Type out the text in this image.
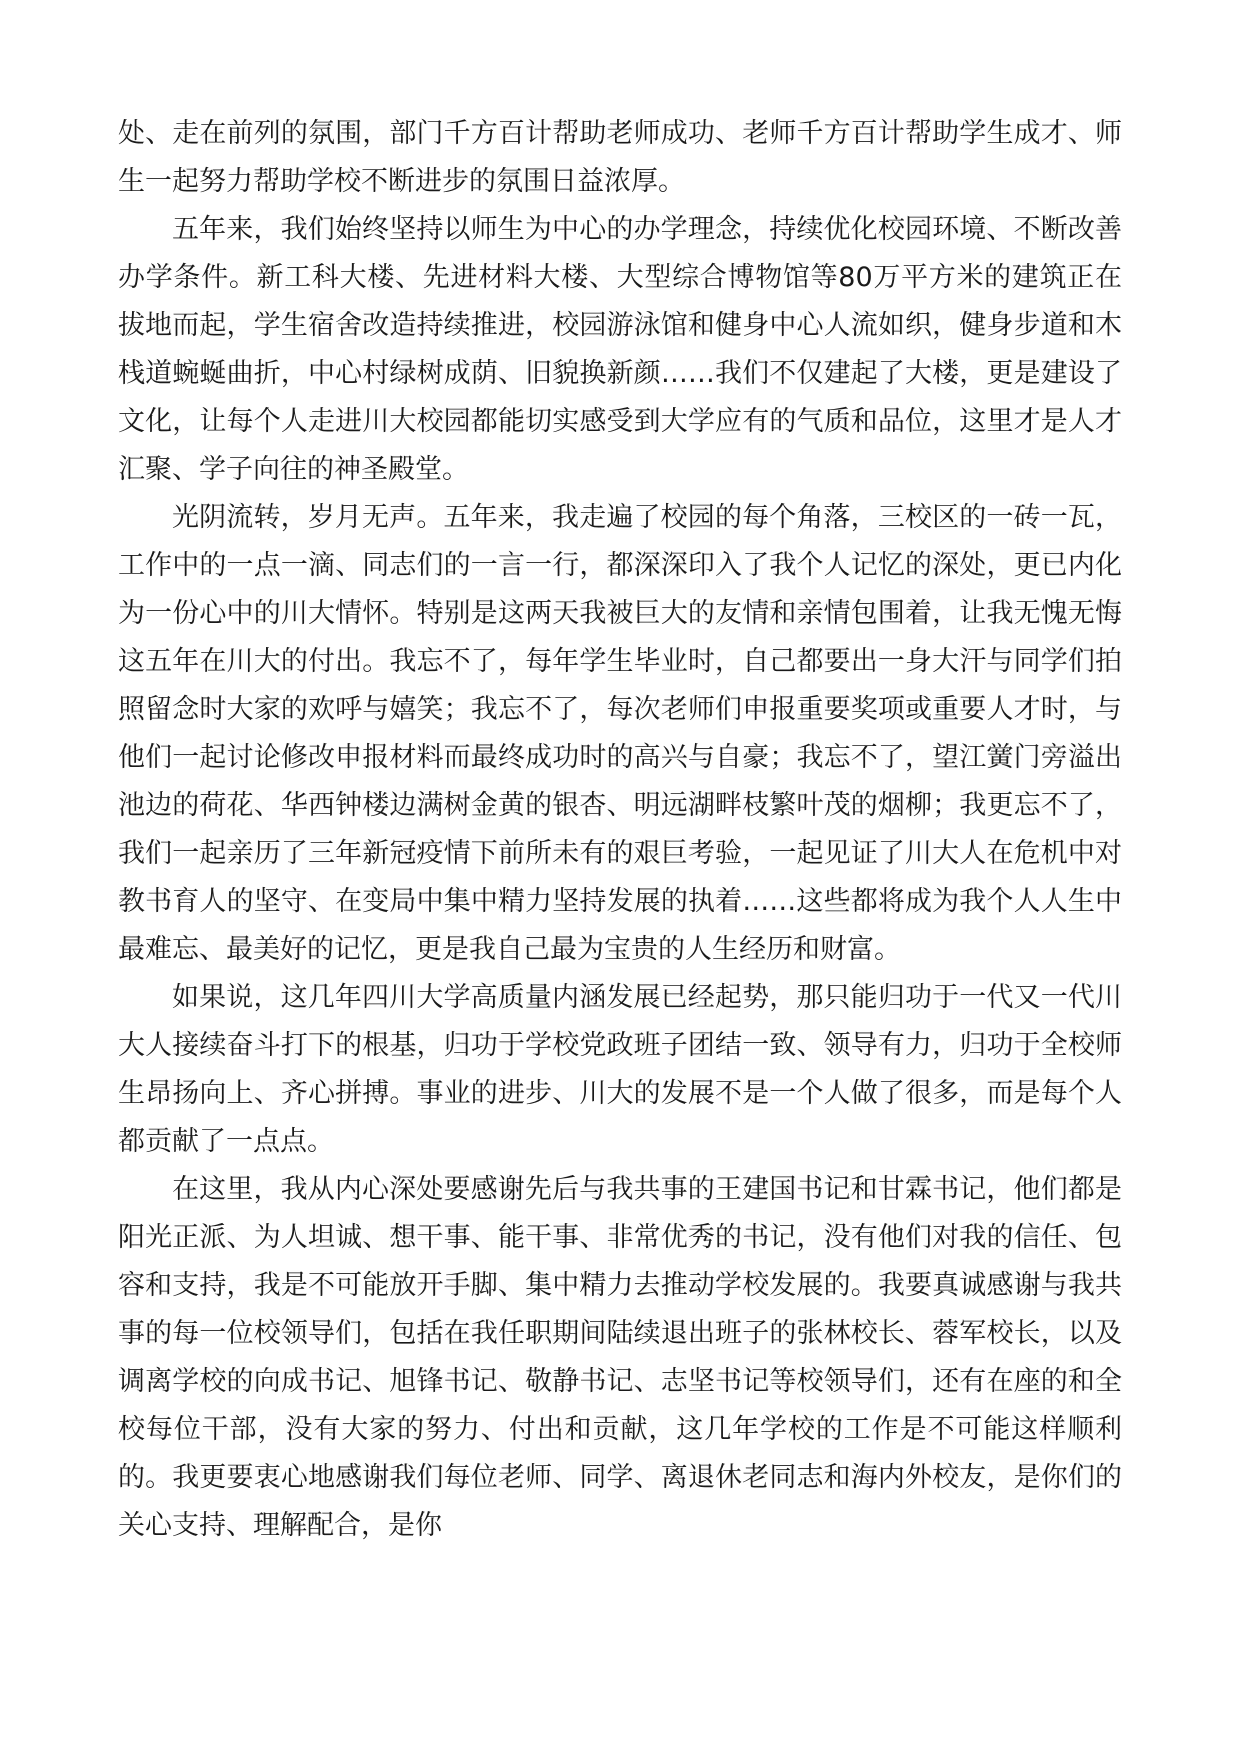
处、走在前列的氛围，部门千方百计帮助老师成功、老师千方百计帮助学生成才、师生一起努力帮助学校不断进步的氛围日益浓厚。

五年来，我们始终坚持以师生为中心的办学理念，持续优化校园环境、不断改善办学条件。新工科大楼、先进材料大楼、大型综合博物馆等80万平方米的建筑正在拔地而起，学生宿舍改造持续推进，校园游泳馆和健身中心人流如织，健身步道和木栈道蜿蜒曲折，中心村绿树成荫、旧貌换新颜……我们不仅建起了大楼，更是建设了文化，让每个人走进川大校园都能切实感受到大学应有的气质和品位，这里才是人才汇聚、学子向往的神圣殿堂。

光阴流转，岁月无声。五年来，我走遍了校园的每个角落，三校区的一砖一瓦，工作中的一点一滴、同志们的一言一行，都深深印入了我个人记忆的深处，更已内化为一份心中的川大情怀。特别是这两天我被巨大的友情和亲情包围着，让我无愧无悔这五年在川大的付出。我忘不了，每年学生毕业时，自己都要出一身大汗与同学们拍照留念时大家的欢呼与嬉笑；我忘不了，每次老师们申报重要奖项或重要人才时，与他们一起讨论修改申报材料而最终成功时的高兴与自豪；我忘不了，望江黉门旁溢出池边的荷花、华西钟楼边满树金黄的银杏、明远湖畔枝繁叶茂的烟柳；我更忘不了，我们一起亲历了三年新冠疫情下前所未有的艰巨考验，一起见证了川大人在危机中对教书育人的坚守、在变局中集中精力坚持发展的执着……这些都将成为我个人人生中最难忘、最美好的记忆，更是我自己最为宝贵的人生经历和财富。

如果说，这几年四川大学高质量内涵发展已经起势，那只能归功于一代又一代川大人接续奋斗打下的根基，归功于学校党政班子团结一致、领导有力，归功于全校师生昂扬向上、齐心拼搏。事业的进步、川大的发展不是一个人做了很多，而是每个人都贡献了一点点。

在这里，我从内心深处要感谢先后与我共事的王建国书记和甘霖书记，他们都是阳光正派、为人坦诚、想干事、能干事、非常优秀的书记，没有他们对我的信任、包容和支持，我是不可能放开手脚、集中精力去推动学校发展的。我要真诚感谢与我共事的每一位校领导们，包括在我任职期间陆续退出班子的张林校长、蓉军校长，以及调离学校的向成书记、旭锋书记、敬静书记、志坚书记等校领导们，还有在座的和全校每位干部，没有大家的努力、付出和贡献，这几年学校的工作是不可能这样顺利的。我更要衷心地感谢我们每位老师、同学、离退休老同志和海内外校友，是你们的关心支持、理解配合，是你
